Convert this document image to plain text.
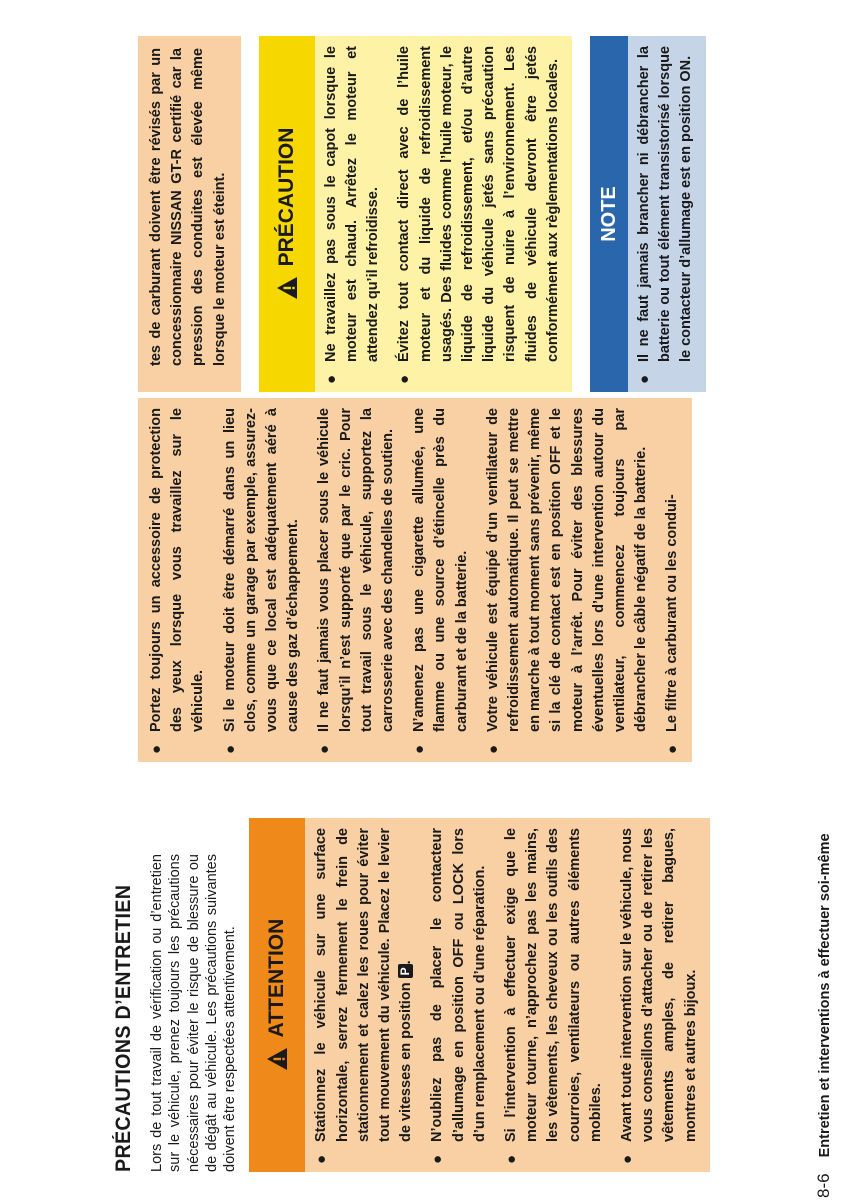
PRÉCAUTIONS D’ENTRETIEN Lors de tout travail de vérification ou d’entretien sur le véhicule, prenez toujours les précautions nécessaires pour éviter le risque de blessure ou de dégât au véhicule. Les précautions suivantes doivent être respectées attentivement. ATTENTION
●
Stationnez le véhicule sur une surface horizontale, serrez fermement le frein de stationnement et calez les roues pour éviter tout mouvement du véhicule. Placez le levier de vitesses en position P.
●
N’oubliez pas de placer le contacteur d’allumage en position OFF ou LOCK lors d’un remplacement ou d’une réparation.
●
Si l’intervention à effectuer exige que le moteur tourne, n’approchez pas les mains, les vêtements, les cheveux ou les outils des courroies, ventilateurs ou autres éléments mobiles.
●
Avant toute intervention sur le véhicule, nous vous conseillons d’attacher ou de retirer les vêtements amples, de retirer bagues, montres et autres bijoux.
●
Portez toujours un accessoire de protection des yeux lorsque vous travaillez sur le véhicule.
●
Si le moteur doit être démarré dans un lieu clos, comme un garage par exemple, assurez-vous que ce local est adéquatement aéré à cause des gaz d’échappement.
●
Il ne faut jamais vous placer sous le véhicule lorsqu’il n’est supporté que par le cric. Pour tout travail sous le véhicule, supportez la carrosserie avec des chandelles de soutien.
●
N’amenez pas une cigarette allumée, une flamme ou une source d’étincelle près du carburant et de la batterie.
●
Votre véhicule est équipé d’un ventilateur de refroidissement automatique. Il peut se mettre en marche à tout moment sans prévenir, même si la clé de contact est en position OFF et le moteur à l’arrêt. Pour éviter des blessures éventuelles lors d’une intervention autour du ventilateur, commencez toujours par débrancher le câble négatif de la batterie.
●
Le filtre à carburant ou les condui-
tes de carburant doivent être révisés par un concessionnaire NISSAN GT-R certifié car la pression des conduites est élevée même lorsque le moteur est éteint. PRÉCAUTION
●
Ne travaillez pas sous le capot lorsque le moteur est chaud. Arrêtez le moteur et attendez qu’il refroidisse.
●
Évitez tout contact direct avec de l’huile moteur et du liquide de refroidissement usagés. Des fluides comme l’huile moteur, le liquide de refroidissement, et/ou d’autre liquide du véhicule jetés sans précaution risquent de nuire à l’environnement. Les fluides de véhicule devront être jetés conformément aux règlementations locales. NOTE
●
Il ne faut jamais brancher ni débrancher la batterie ou tout élément transistorisé lorsque le contacteur d’allumage est en position ON.
8-6 Entretien et interventions à effectuer soi-même
